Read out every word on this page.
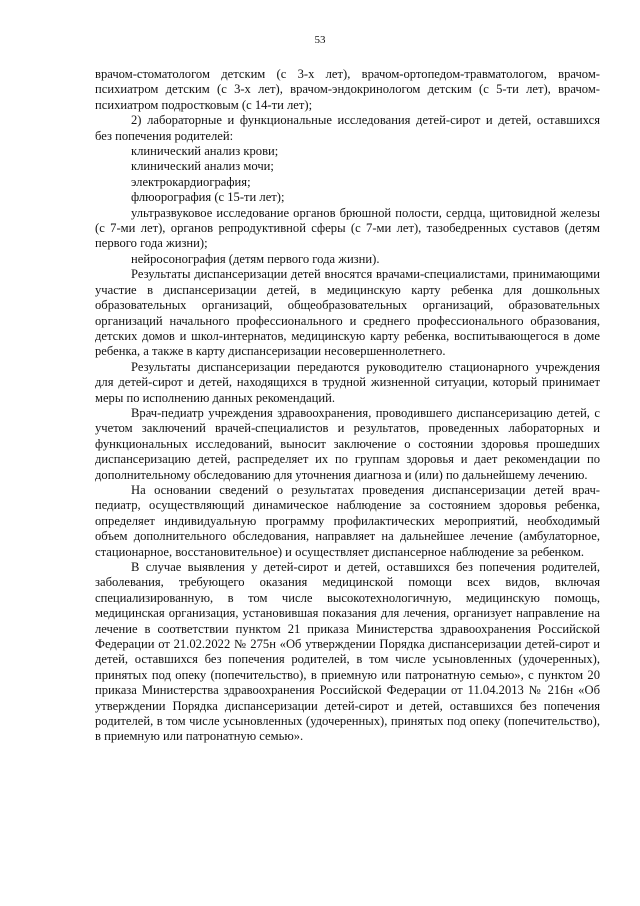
53

врачом-стоматологом детским (с 3-х лет), врачом-ортопедом-травматологом, врачом-психиатром детским (с 3-х лет), врачом-эндокринологом детским (с 5-ти лет), врачом-психиатром подростковым (с 14-ти лет);

2) лабораторные и функциональные исследования детей-сирот и детей, оставшихся без попечения родителей:

клинический анализ крови;

клинический анализ мочи;

электрокардиография;

флюорография (с 15-ти лет);

ультразвуковое исследование органов брюшной полости, сердца, щитовидной железы (с 7-ми лет), органов репродуктивной сферы (с 7-ми лет), тазобедренных суставов (детям первого года жизни);

нейросонография (детям первого года жизни).

Результаты диспансеризации детей вносятся врачами-специалистами, принимающими участие в диспансеризации детей, в медицинскую карту ребенка для дошкольных образовательных организаций, общеобразовательных организаций, образовательных организаций начального профессионального и среднего профессионального образования, детских домов и школ-интернатов, медицинскую карту ребенка, воспитывающегося в доме ребенка, а также в карту диспансеризации несовершеннолетнего.

Результаты диспансеризации передаются руководителю стационарного учреждения для детей-сирот и детей, находящихся в трудной жизненной ситуации, который принимает меры по исполнению данных рекомендаций.

Врач-педиатр учреждения здравоохранения, проводившего диспансеризацию детей, с учетом заключений врачей-специалистов и результатов, проведенных лабораторных и функциональных исследований, выносит заключение о состоянии здоровья прошедших диспансеризацию детей, распределяет их по группам здоровья и дает рекомендации по дополнительному обследованию для уточнения диагноза и (или) по дальнейшему лечению.

На основании сведений о результатах проведения диспансеризации детей врач-педиатр, осуществляющий динамическое наблюдение за состоянием здоровья ребенка, определяет индивидуальную программу профилактических мероприятий, необходимый объем дополнительного обследования, направляет на дальнейшее лечение (амбулаторное, стационарное, восстановительное) и осуществляет диспансерное наблюдение за ребенком.

В случае выявления у детей-сирот и детей, оставшихся без попечения родителей, заболевания, требующего оказания медицинской помощи всех видов, включая специализированную, в том числе высокотехнологичную, медицинскую помощь, медицинская организация, установившая показания для лечения, организует направление на лечение в соответствии пунктом 21 приказа Министерства здравоохранения Российской Федерации от 21.02.2022 № 275н «Об утверждении Порядка диспансеризации детей-сирот и детей, оставшихся без попечения родителей, в том числе усыновленных (удочеренных), принятых под опеку (попечительство), в приемную или патронатную семью», с пунктом 20 приказа Министерства здравоохранения Российской Федерации от 11.04.2013 № 216н «Об утверждении Порядка диспансеризации детей-сирот и детей, оставшихся без попечения родителей, в том числе усыновленных (удочеренных), принятых под опеку (попечительство), в приемную или патронатную семью».
